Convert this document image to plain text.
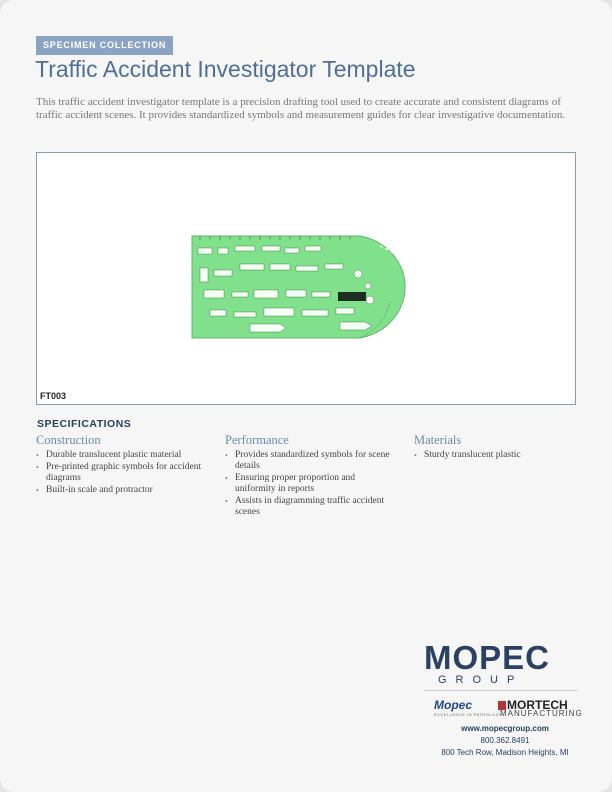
SPECIMEN COLLECTION
Traffic Accident Investigator Template

This traffic accident investigator template is a precision drafting tool used to create accurate and consistent diagrams of traffic accident scenes. It provides standardized symbols and measurement guides for clear investigative documentation.

FT003
SPECIFICATIONS
Construction
• Durable translucent plastic material
• Pre-printed graphic symbols for accident diagrams
• Built-in scale and protractor
Performance
• Provides standardized symbols for scene details
• Ensuring proper proportion and uniformity in reports
• Assists in diagramming traffic accident scenes
Materials
• Sturdy translucent plastic
MOPEC
GROUP
Mopec
EXCELLENCE IN PATHOLOGY
MORTECH
MANUFACTURING
www.mopecgroup.com
800.362.8491
800 Tech Row, Madison Heights, MI
